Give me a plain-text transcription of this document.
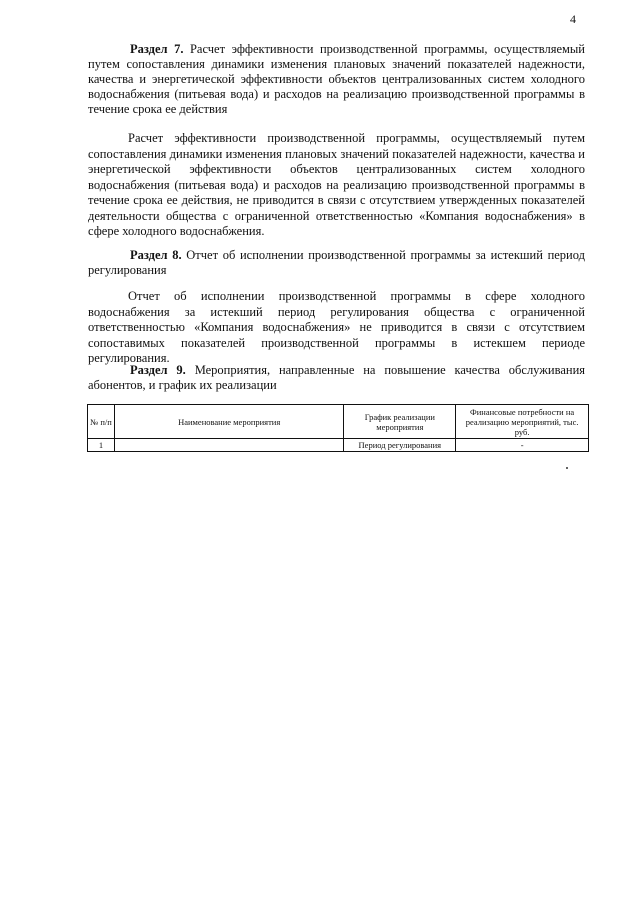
4
Раздел 7. Расчет эффективности производственной программы, осуществляемый путем сопоставления динамики изменения плановых значений показателей надежности, качества и энергетической эффективности объектов централизованных систем холодного водоснабжения (питьевая вода) и расходов на реализацию производственной программы в течение срока ее действия
Расчет эффективности производственной программы, осуществляемый путем сопоставления динамики изменения плановых значений показателей надежности, качества и энергетической эффективности объектов централизованных систем холодного водоснабжения (питьевая вода) и расходов на реализацию производственной программы в течение срока ее действия, не приводится в связи с отсутствием утвержденных показателей деятельности общества с ограниченной ответственностью «Компания водоснабжения» в сфере холодного водоснабжения.
Раздел 8. Отчет об исполнении производственной программы за истекший период регулирования
Отчет об исполнении производственной программы в сфере холодного водоснабжения за истекший период регулирования общества с ограниченной ответственностью «Компания водоснабжения» не приводится в связи с отсутствием сопоставимых показателей производственной программы в истекшем периоде регулирования.
Раздел 9. Мероприятия, направленные на повышение качества обслуживания абонентов, и график их реализации
№ п/п	Наименование мероприятия	График реализации мероприятия	Финансовые потребности на реализацию мероприятий, тыс. руб.
1		Период регулирования	-
